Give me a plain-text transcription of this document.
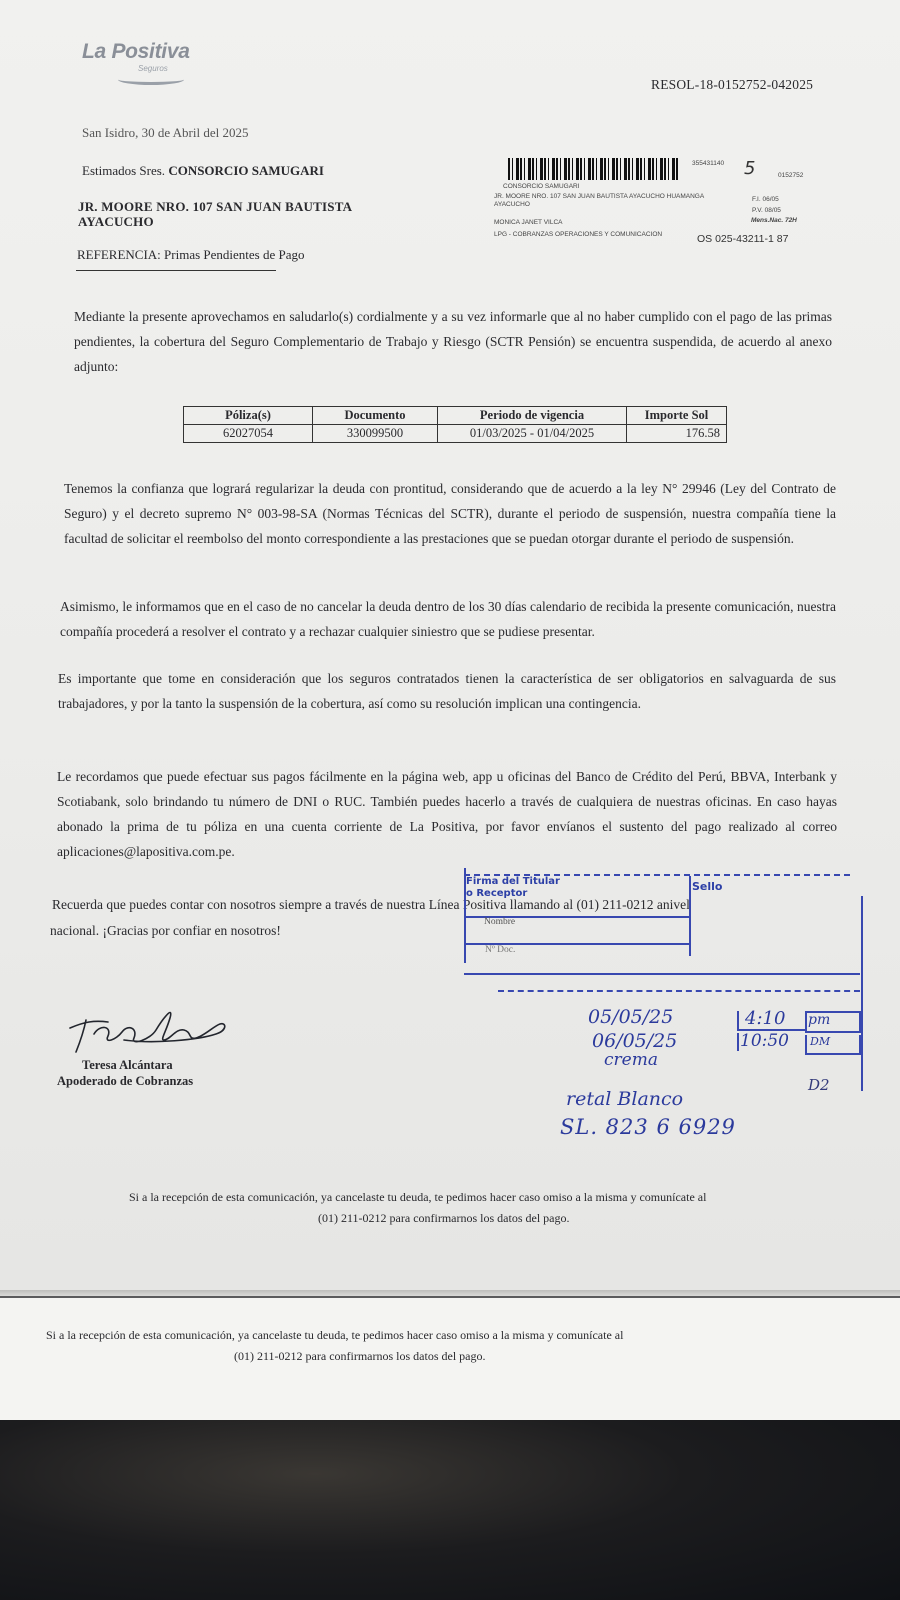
La Positiva
Seguros
RESOL-18-0152752-042025
San Isidro, 30 de Abril del 2025
Estimados Sres. CONSORCIO SAMUGARI
JR. MOORE NRO. 107 SAN JUAN BAUTISTA
AYACUCHO
REFERENCIA: Primas Pendientes de Pago
355431140 5	0152752
CONSORCIO SAMUGARI
JR. MOORE NRO. 107 SAN JUAN BAUTISTA AYACUCHO HUAMANGA AYACUCHO
F.I. 06/05
P.V. 08/05
Mens.Nac. 72H
MONICA JANET VILCA
LPG - COBRANZAS OPERACIONES Y COMUNICACION	OS 025-43211-1 87
Mediante la presente aprovechamos en saludarlo(s) cordialmente y a su vez informarle que al no haber cumplido con el pago de las primas pendientes, la cobertura del Seguro Complementario de Trabajo y Riesgo (SCTR Pensión) se encuentra suspendida, de acuerdo al anexo adjunto:
Póliza(s)	Documento	Periodo de vigencia	Importe Sol
62027054	330099500	01/03/2025 - 01/04/2025	176.58
Tenemos la confianza que logrará regularizar la deuda con prontitud, considerando que de acuerdo a la ley N° 29946 (Ley del Contrato de Seguro) y el decreto supremo N° 003-98-SA (Normas Técnicas del SCTR), durante el periodo de suspensión, nuestra compañía tiene la facultad de solicitar el reembolso del monto correspondiente a las prestaciones que se puedan otorgar durante el periodo de suspensión.
Asimismo, le informamos que en el caso de no cancelar la deuda dentro de los 30 días calendario de recibida la presente comunicación, nuestra compañía procederá a resolver el contrato y a rechazar cualquier siniestro que se pudiese presentar.
Es importante que tome en consideración que los seguros contratados tienen la característica de ser obligatorios en salvaguarda de sus trabajadores, y por la tanto la suspensión de la cobertura, así como su resolución implican una contingencia.
Le recordamos que puede efectuar sus pagos fácilmente en la página web, app u oficinas del Banco de Crédito del Perú, BBVA, Interbank y Scotiabank, solo brindando tu número de DNI o RUC. También puedes hacerlo a través de cualquiera de nuestras oficinas. En caso hayas abonado la prima de tu póliza en una cuenta corriente de La Positiva, por favor envíanos el sustento del pago realizado al correo aplicaciones@lapositiva.com.pe.
Recuerda que puedes contar con nosotros siempre a través de nuestra Línea Positiva llamando al (01) 211-0212 anivel
nacional. ¡Gracias por confiar en nosotros!
Firma del Titular
o Receptor
Sello
Nombre
Nº Doc.
05/05/25
06/05/25
4:10
10:50
pm
DM
crema
D2
retal Blanco
SL. 823 6 6929
Teresa Alcántara
Apoderado de Cobranzas
Si a la recepción de esta comunicación, ya cancelaste tu deuda, te pedimos hacer caso omiso a la misma y comunícate al
(01) 211-0212 para confirmarnos los datos del pago.
Si a la recepción de esta comunicación, ya cancelaste tu deuda, te pedimos hacer caso omiso a la misma y comunícate al
(01) 211-0212 para confirmarnos los datos del pago.
